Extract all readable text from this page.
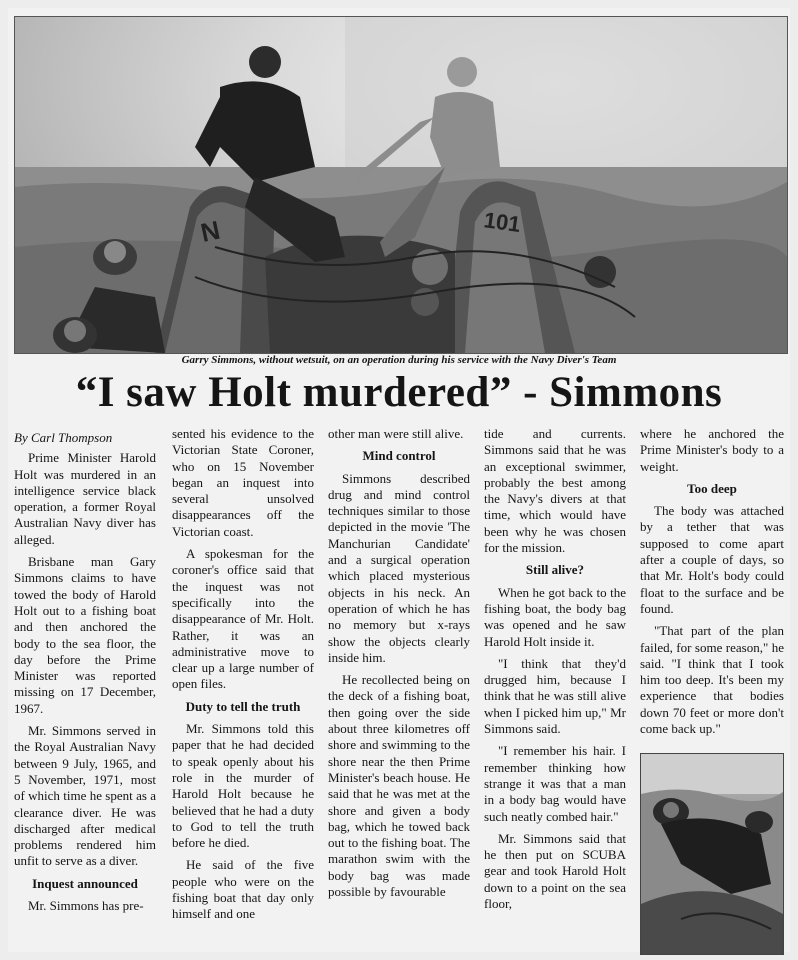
N	101
Garry Simmons, without wetsuit, on an operation during his service with the Navy Diver's Team
“I saw Holt murdered” - Simmons
By Carl Thompson

Prime Minister Harold Holt was murdered in an intelligence service black operation, a former Royal Australian Navy diver has alleged.

Brisbane man Gary Simmons claims to have towed the body of Harold Holt out to a fishing boat and then anchored the body to the sea floor, the day before the Prime Minister was reported missing on 17 December, 1967.

Mr. Simmons served in the Royal Australian Navy between 9 July, 1965, and 5 November, 1971, most of which time he spent as a clearance diver. He was discharged after medical problems rendered him unfit to serve as a diver.

Inquest announced

Mr. Simmons has pre-

sented his evidence to the Victorian State Coroner, who on 15 November began an inquest into several unsolved disappearances off the Victorian coast.

A spokesman for the coroner's office said that the inquest was not specifically into the disappearance of Mr. Holt. Rather, it was an administrative move to clear up a large number of open files.

Duty to tell the truth

Mr. Simmons told this paper that he had decided to speak openly about his role in the murder of Harold Holt because he believed that he had a duty to God to tell the truth before he died.

He said of the five people who were on the fishing boat that day only himself and one

other man were still alive.

Mind control

Simmons described drug and mind control techniques similar to those depicted in the movie 'The Manchurian Candidate' and a surgical operation which placed mysterious objects in his neck. An operation of which he has no memory but x-rays show the objects clearly inside him.

He recollected being on the deck of a fishing boat, then going over the side about three kilometres off shore and swimming to the shore near the then Prime Minister's beach house. He said that he was met at the shore and given a body bag, which he towed back out to the fishing boat. The marathon swim with the body bag was made possible by favourable

tide and currents. Simmons said that he was an exceptional swimmer, probably the best among the Navy's divers at that time, which would have been why he was chosen for the mission.

Still alive?

When he got back to the fishing boat, the body bag was opened and he saw Harold Holt inside it.

"I think that they'd drugged him, because I think that he was still alive when I picked him up," Mr Simmons said.

"I remember his hair. I remember thinking how strange it was that a man in a body bag would have such neatly combed hair."

Mr. Simmons said that he then put on SCUBA gear and took Harold Holt down to a point on the sea floor,

where he anchored the Prime Minister's body to a weight.

Too deep

The body was attached by a tether that was supposed to come apart after a couple of days, so that Mr. Holt's body could float to the surface and be found.

"That part of the plan failed, for some reason," he said. "I think that I took him too deep. It's been my experience that bodies down 70 feet or more don't come back up."
